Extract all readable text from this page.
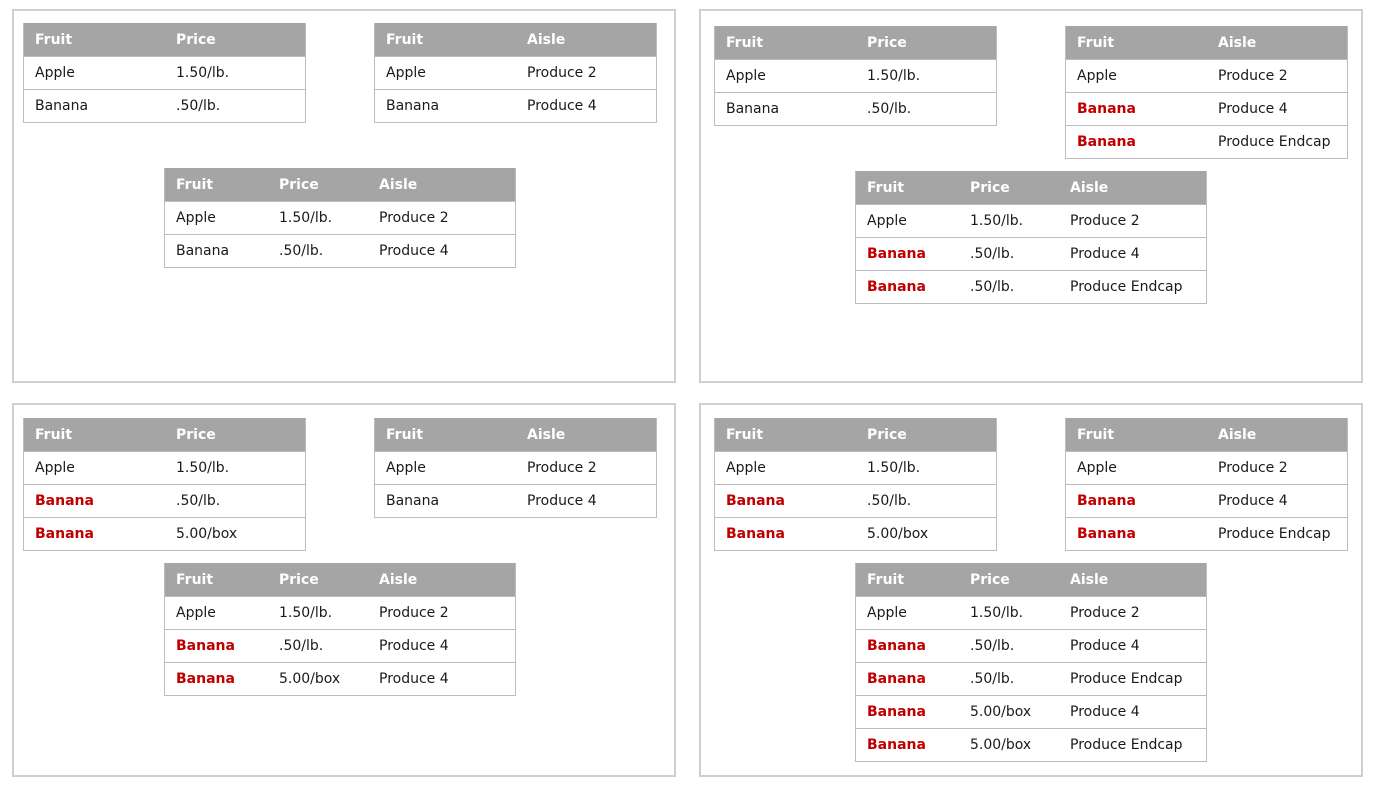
Fruit	Price
Apple	1.50/lb.
Banana	.50/lb.
Fruit	Aisle
Apple	Produce 2
Banana	Produce 4
Fruit	Price	Aisle
Apple	1.50/lb.	Produce 2
Banana	.50/lb.	Produce 4
Fruit	Price
Apple	1.50/lb.
Banana	.50/lb.
Fruit	Aisle
Apple	Produce 2
Banana	Produce 4
Banana	Produce Endcap
Fruit	Price	Aisle
Apple	1.50/lb.	Produce 2
Banana	.50/lb.	Produce 4
Banana	.50/lb.	Produce Endcap
Fruit	Price
Apple	1.50/lb.
Banana	.50/lb.
Banana	5.00/box
Fruit	Aisle
Apple	Produce 2
Banana	Produce 4
Fruit	Price	Aisle
Apple	1.50/lb.	Produce 2
Banana	.50/lb.	Produce 4
Banana	5.00/box	Produce 4
Fruit	Price
Apple	1.50/lb.
Banana	.50/lb.
Banana	5.00/box
Fruit	Aisle
Apple	Produce 2
Banana	Produce 4
Banana	Produce Endcap
Fruit	Price	Aisle
Apple	1.50/lb.	Produce 2
Banana	.50/lb.	Produce 4
Banana	.50/lb.	Produce Endcap
Banana	5.00/box	Produce 4
Banana	5.00/box	Produce Endcap
